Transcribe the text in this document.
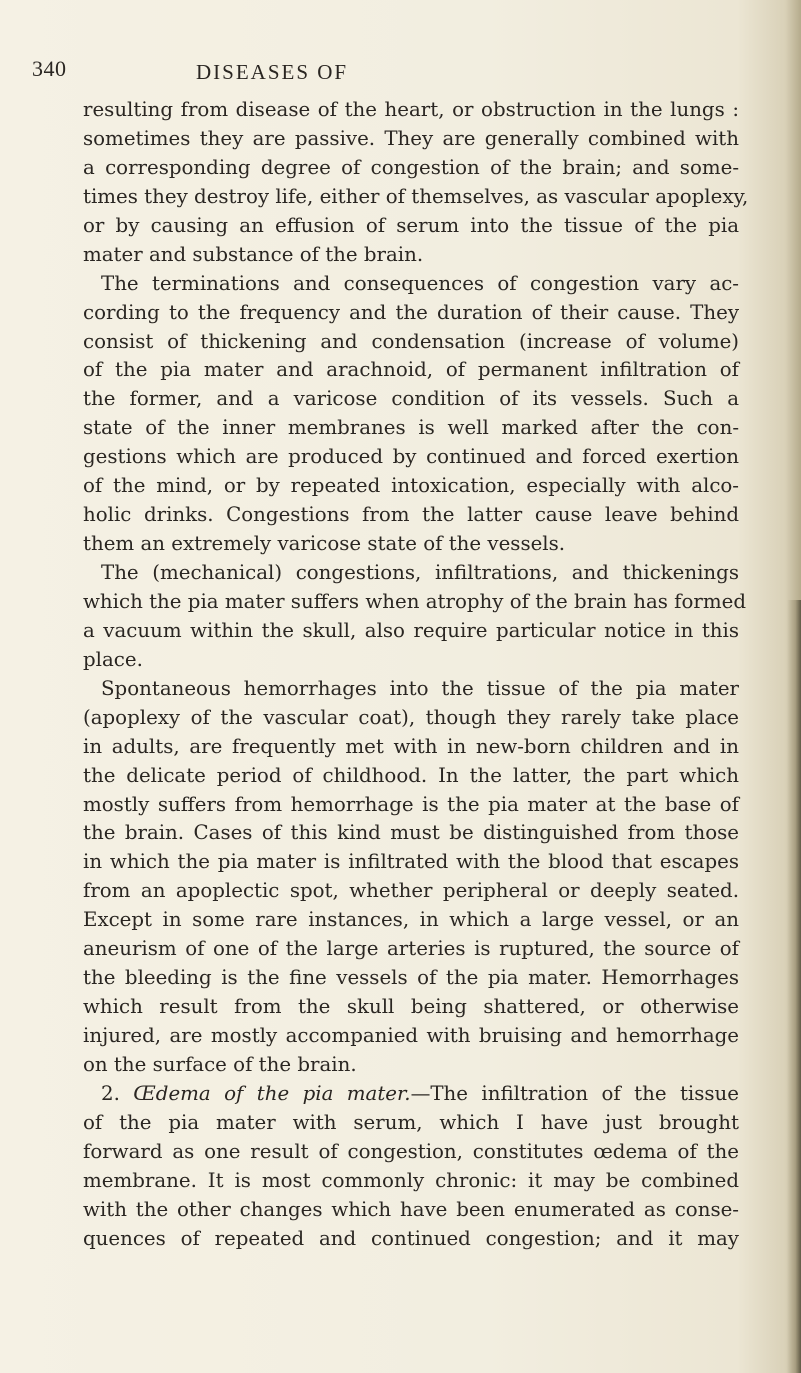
340	DISEASES OF
resulting from disease of the heart, or obstruction in the lungs :
sometimes they are passive. They are generally combined with
a corresponding degree of congestion of the brain; and some-
times they destroy life, either of themselves, as vascular apoplexy,
or by causing an effusion of serum into the tissue of the pia
mater and substance of the brain.
The terminations and consequences of congestion vary ac-
cording to the frequency and the duration of their cause. They
consist of thickening and condensation (increase of volume)
of the pia mater and arachnoid, of permanent infiltration of
the former, and a varicose condition of its vessels. Such a
state of the inner membranes is well marked after the con-
gestions which are produced by continued and forced exertion
of the mind, or by repeated intoxication, especially with alco-
holic drinks. Congestions from the latter cause leave behind
them an extremely varicose state of the vessels.
The (mechanical) congestions, infiltrations, and thickenings
which the pia mater suffers when atrophy of the brain has formed
a vacuum within the skull, also require particular notice in this
place.
Spontaneous hemorrhages into the tissue of the pia mater
(apoplexy of the vascular coat), though they rarely take place
in adults, are frequently met with in new-born children and in
the delicate period of childhood. In the latter, the part which
mostly suffers from hemorrhage is the pia mater at the base of
the brain. Cases of this kind must be distinguished from those
in which the pia mater is infiltrated with the blood that escapes
from an apoplectic spot, whether peripheral or deeply seated.
Except in some rare instances, in which a large vessel, or an
aneurism of one of the large arteries is ruptured, the source of
the bleeding is the fine vessels of the pia mater. Hemorrhages
which result from the skull being shattered, or otherwise
injured, are mostly accompanied with bruising and hemorrhage
on the surface of the brain.
2. Œdema of the pia mater.—The infiltration of the tissue
of the pia mater with serum, which I have just brought
forward as one result of congestion, constitutes œdema of the
membrane. It is most commonly chronic: it may be combined
with the other changes which have been enumerated as conse-
quences of repeated and continued congestion; and it may
